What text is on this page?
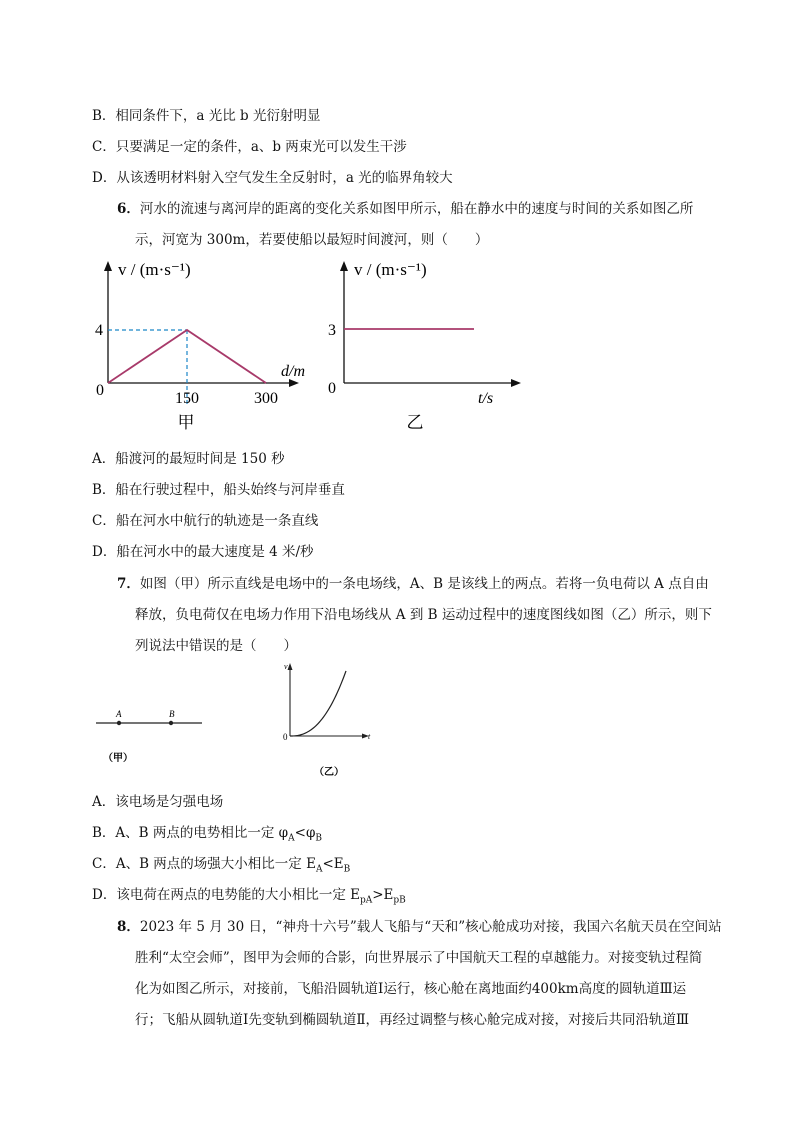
B．相同条件下，a 光比 b 光衍射明显
C．只要满足一定的条件，a、b 两束光可以发生干涉
D．从该透明材料射入空气发生全反射时，a 光的临界角较大
6．河水的流速与离河岸的距离的变化关系如图甲所示，船在静水中的速度与时间的关系如图乙所
示，河宽为 300m，若要使船以最短时间渡河，则（　　）
v / (m·s⁻¹)
4
0	150	300
d/m
甲
v / (m·s⁻¹)
3
0
t/s
乙
A．船渡河的最短时间是 150 秒
B．船在行驶过程中，船头始终与河岸垂直
C．船在河水中航行的轨迹是一条直线
D．船在河水中的最大速度是 4 米/秒
7．如图（甲）所示直线是电场中的一条电场线，A、B 是该线上的两点。若将一负电荷以 A 点自由
释放，负电荷仅在电场力作用下沿电场线从 A 到 B 运动过程中的速度图线如图（乙）所示，则下
列说法中错误的是（　　）
A	B
（甲）
v
t
0
（乙）
A．该电场是匀强电场
B．A、B 两点的电势相比一定 $\varphi_A<\varphi_B$
C．A、B 两点的场强大小相比一定 $E_A<E_B$
D．该电荷在两点的电势能的大小相比一定 $E_{pA}>E_{pB}$
8．2023 年 5 月 30 日，“神舟十六号”载人飞船与“天和”核心舱成功对接，我国六名航天员在空间站
胜利“太空会师”，图甲为会师的合影，向世界展示了中国航天工程的卓越能力。对接变轨过程简
化为如图乙所示，对接前，飞船沿圆轨道Ⅰ运行，核心舱在离地面约400km高度的圆轨道Ⅲ运
行；飞船从圆轨道Ⅰ先变轨到椭圆轨道Ⅱ，再经过调整与核心舱完成对接，对接后共同沿轨道Ⅲ
